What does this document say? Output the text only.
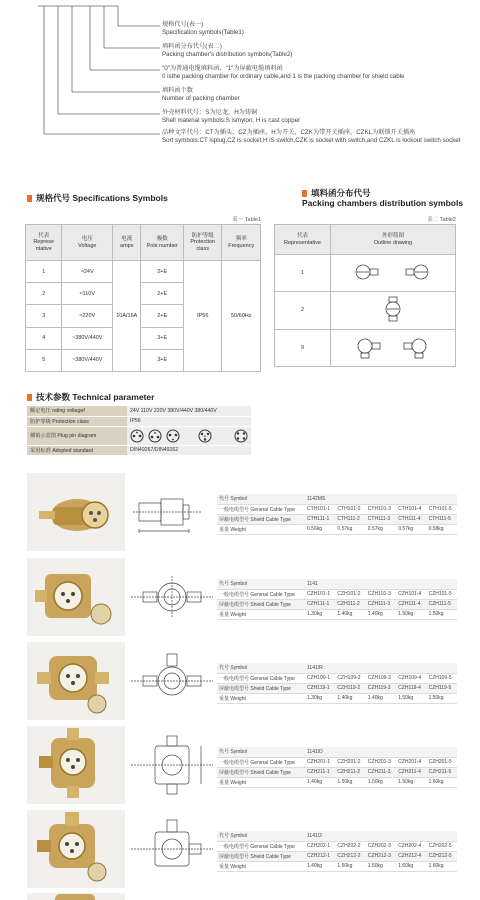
规格代号(表一)
Specification symbols(Table1)
填料函分布代号(表二)
Packing chamber's distribution symbols(Table2)
"0"为普通电缆填料函，"1"为屏蔽电缆填料函
0 isthe packing chamber for ordinary cable,and 1 is the packing chamber for shield cable
填料函个数
Number of packing chamber
外壳材料代号：S为尼龙，H为铸铜
Shell material symbols:S ismylon, H is cast copper
品种文字代号：CT为插头，CZ为插座，H为开关，CZK为带开关插座，CZKL为联锁开关插座
Sort symbols:CT isplug,CZ is socket,H iS switch,CZK is socket with switch,and CZKL is lockout switch socket
规格代号 Specifications Symbols
表一 Table1
代表
Represe
ntative	电压
Voltage	电流
amps	极数
Pole number	防护等级
Protection
class	频率
Frequency
1	≈24V	10A/16A	2+E	IP56	50/60Hz
2	≈110V		2+E		
3	≈220V		2+E		
4	~380V/440V		3+E		
5	~380V/440V		3+E		
填料函分布代号
Packing chambers distribution symbols
表二 Table2
代表
Representative	外形简图
Outline drawing
1	
2	
9	
技术参数 Technical parameter
额定电压 rating voltagef	24V 110V 220V 380V/440V 380/440V
防护等级 Protection class	IP56
插销示意图 Plug pin diagram	

采用标准 Adopted standard	DIN49267/DIN49262
代号 Symbol	1142MS				
一般电缆型号 General Cable Type	CTH101-1	CTH101-2	CTH101-3	CTH101-4	CTH101-5
屏蔽电缆型号 Shield Cable Type	CTH111-1	CTH111-2	CTH111-3	CTH111-4	CTH111-5
重量 Weight	0.56kg	0.57kg	0.57kg	0.57kg	0.58kg
代号 Symbol	1141				
一般电缆型号 General Cable Type	CZH101-1	CZH101-2	CZH101-3	CZH101-4	CZH101-5
屏蔽电缆型号 Shield Cable Type	CZH111-1	CZH111-2	CZH111-3	CZH111-4	CZH111-5
重量 Weight	1.30kg	1.40kg	1.40kg	1.50kg	1.50kg
代号 Symbol	1141/R				
一般电缆型号 General Cable Type	CZH109-1	CZH109-2	CZH109-3	CZH109-4	CZH109-5
屏蔽电缆型号 Shield Cable Type	CZH119-1	CZH119-2	CZH119-3	CZH119-4	CZH119-5
重量 Weight	1.30kg	1.40kg	1.40kg	1.50kg	1.50kg
代号 Symbol	1141/D				
一般电缆型号 General Cable Type	CZH201-1	CZH201-2	CZH201-3	CZH201-4	CZH201-5
屏蔽电缆型号 Shield Cable Type	CZH211-1	CZH211-2	CZH211-3	CZH211-4	CZH211-5
重量 Weight	1.40kg	1.50kg	1.50kg	1.50kg	1.60kg
代号 Symbol	1141/2				
一般电缆型号 General Cable Type	CZH202-1	CZH202-2	CZH202-3	CZH202-4	CZH202-5
屏蔽电缆型号 Shield Cable Type	CZH212-1	CZH212-2	CZH212-3	CZH212-4	CZH212-5
重量 Weight	1.40kg	1.50kg	1.50kg	1.60kg	1.60kg
